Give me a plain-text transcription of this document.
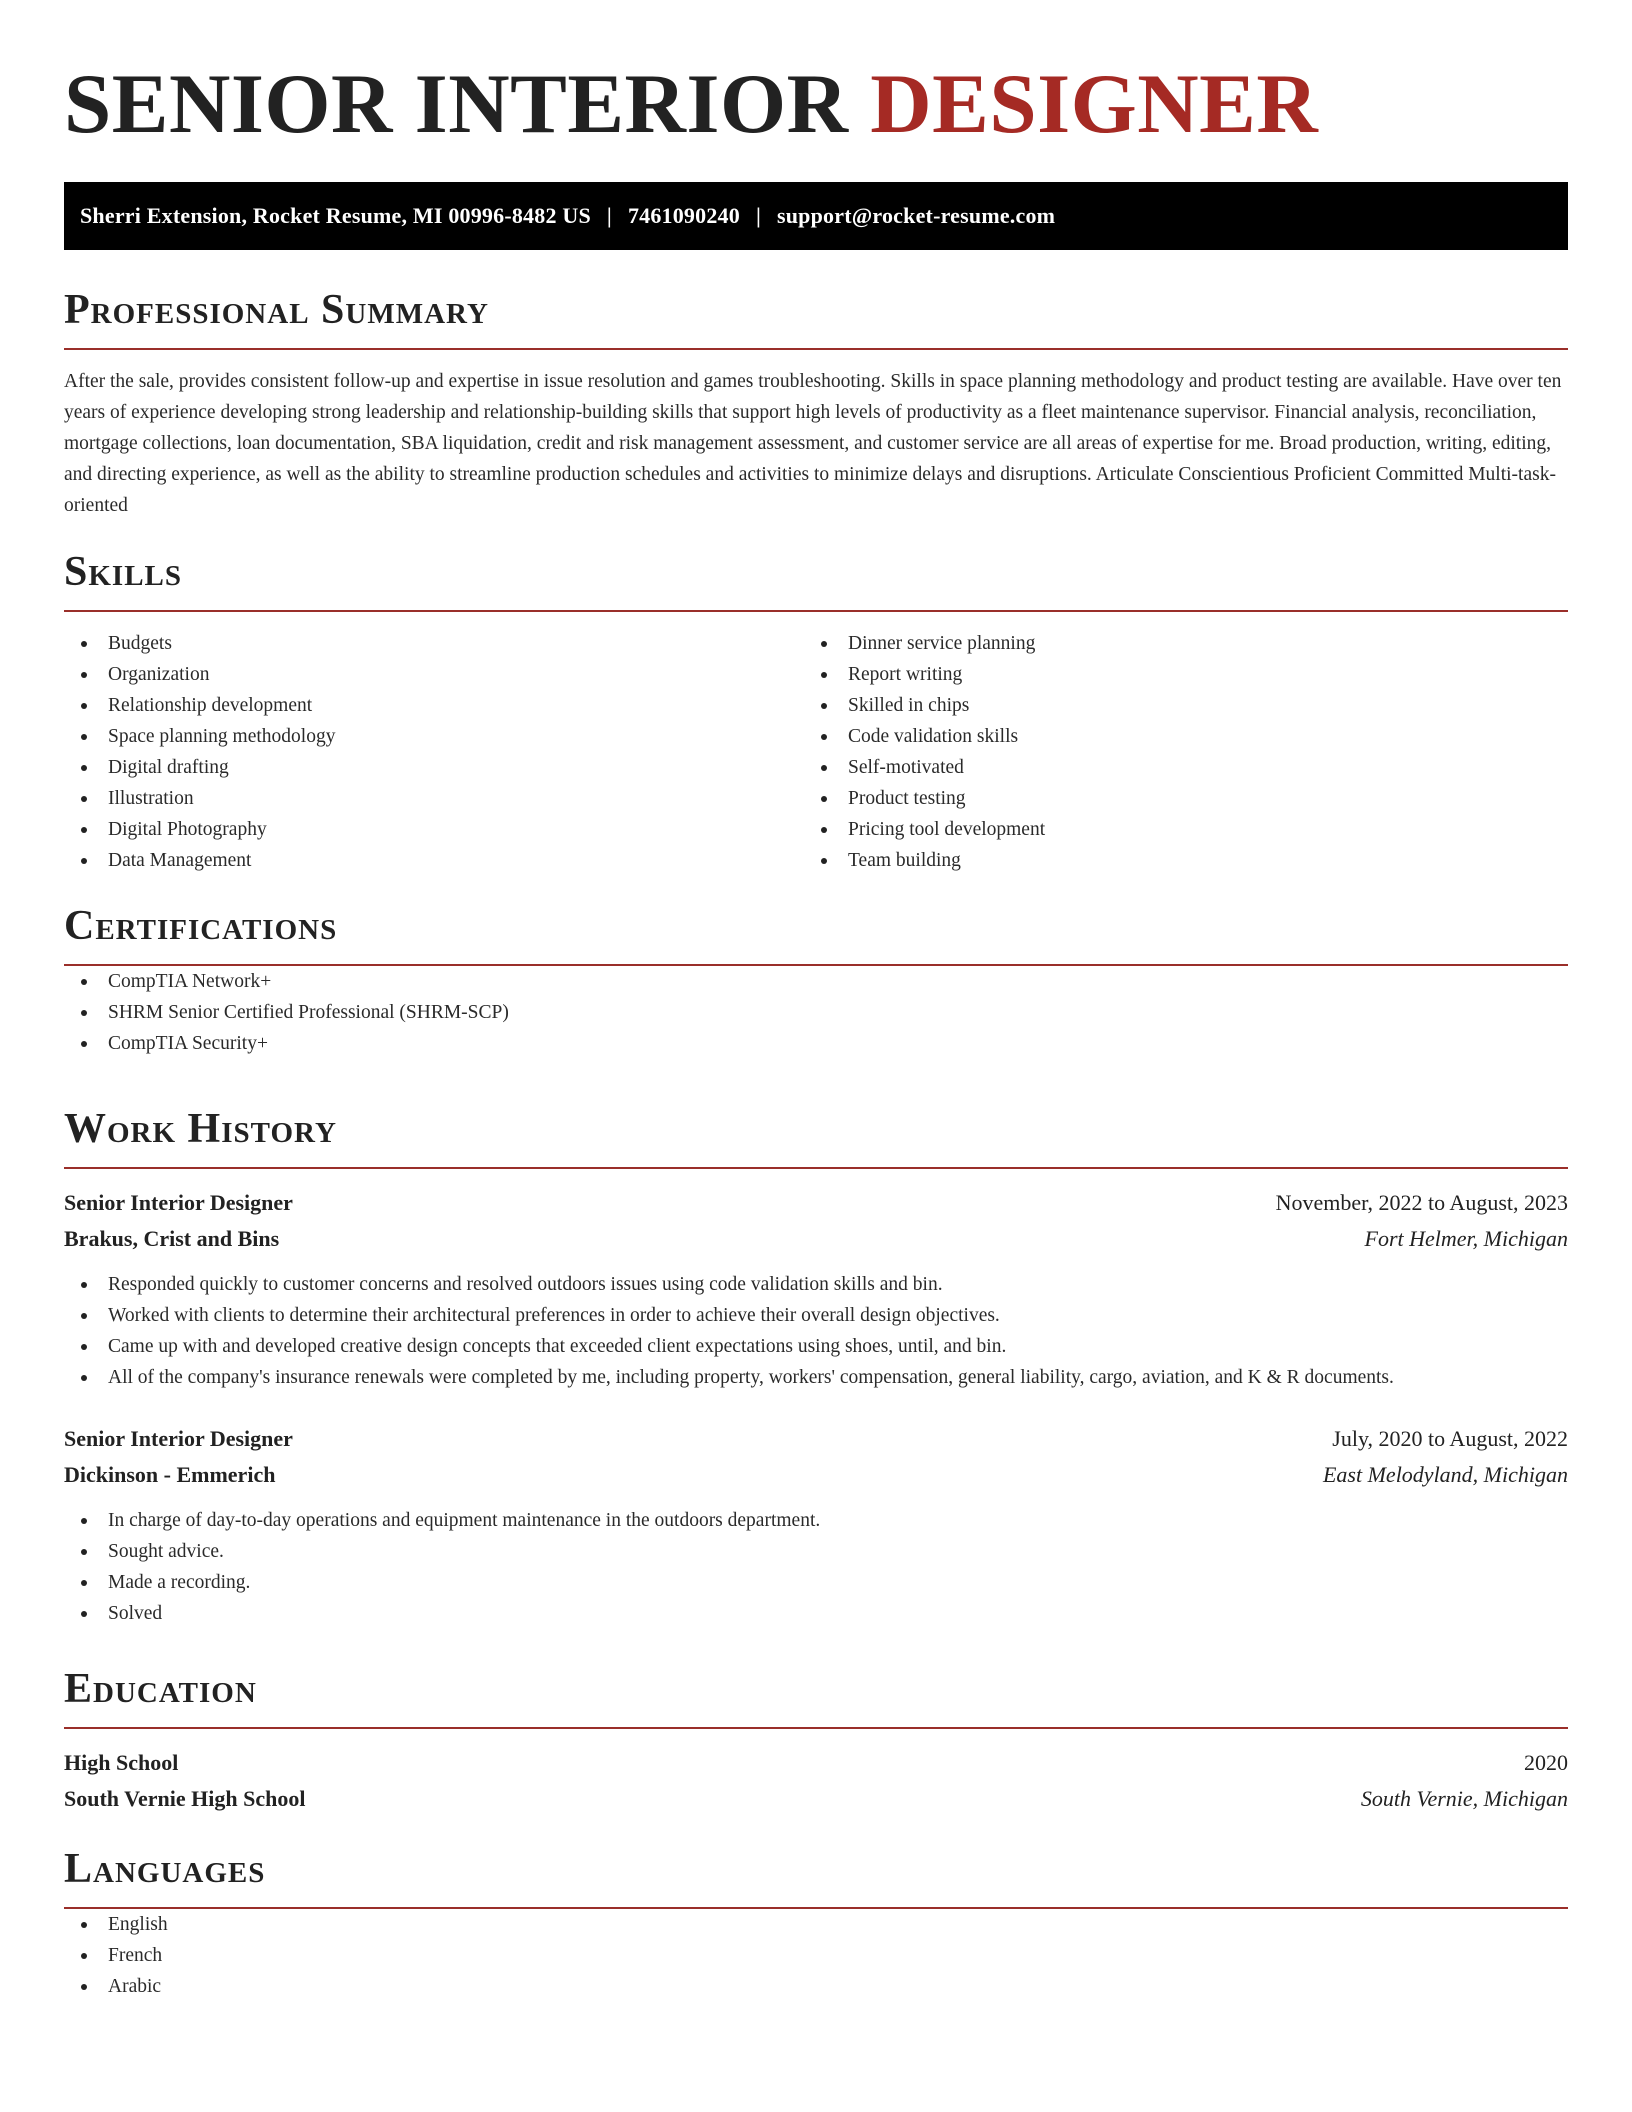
SENIOR INTERIOR DESIGNER
Sherri Extension, Rocket Resume, MI 00996-8482 US | 7461090240 | support@rocket-resume.com
Professional Summary

After the sale, provides consistent follow-up and expertise in issue resolution and games troubleshooting. Skills in space planning methodology and product testing are available. Have over ten years of experience developing strong leadership and relationship-building skills that support high levels of productivity as a fleet maintenance supervisor. Financial analysis, reconciliation, mortgage collections, loan documentation, SBA liquidation, credit and risk management assessment, and customer service are all areas of expertise for me. Broad production, writing, editing, and directing experience, as well as the ability to streamline production schedules and activities to minimize delays and disruptions. Articulate Conscientious Proficient Committed Multi-task-oriented

Skills
Budgets
Organization
Relationship development
Space planning methodology
Digital drafting
Illustration
Digital Photography
Data Management
Dinner service planning
Report writing
Skilled in chips
Code validation skills
Self-motivated
Product testing
Pricing tool development
Team building
Certifications
CompTIA Network+
SHRM Senior Certified Professional (SHRM-SCP)
CompTIA Security+
Work History
Senior Interior Designer	November, 2022 to August, 2023
Brakus, Crist and Bins	Fort Helmer, Michigan
Responded quickly to customer concerns and resolved outdoors issues using code validation skills and bin.
Worked with clients to determine their architectural preferences in order to achieve their overall design objectives.
Came up with and developed creative design concepts that exceeded client expectations using shoes, until, and bin.
All of the company's insurance renewals were completed by me, including property, workers' compensation, general liability, cargo, aviation, and K & R documents.
Senior Interior Designer	July, 2020 to August, 2022
Dickinson - Emmerich	East Melodyland, Michigan
In charge of day-to-day operations and equipment maintenance in the outdoors department.
Sought advice.
Made a recording.
Solved
Education
High School	2020
South Vernie High School	South Vernie, Michigan
Languages
English
French
Arabic
